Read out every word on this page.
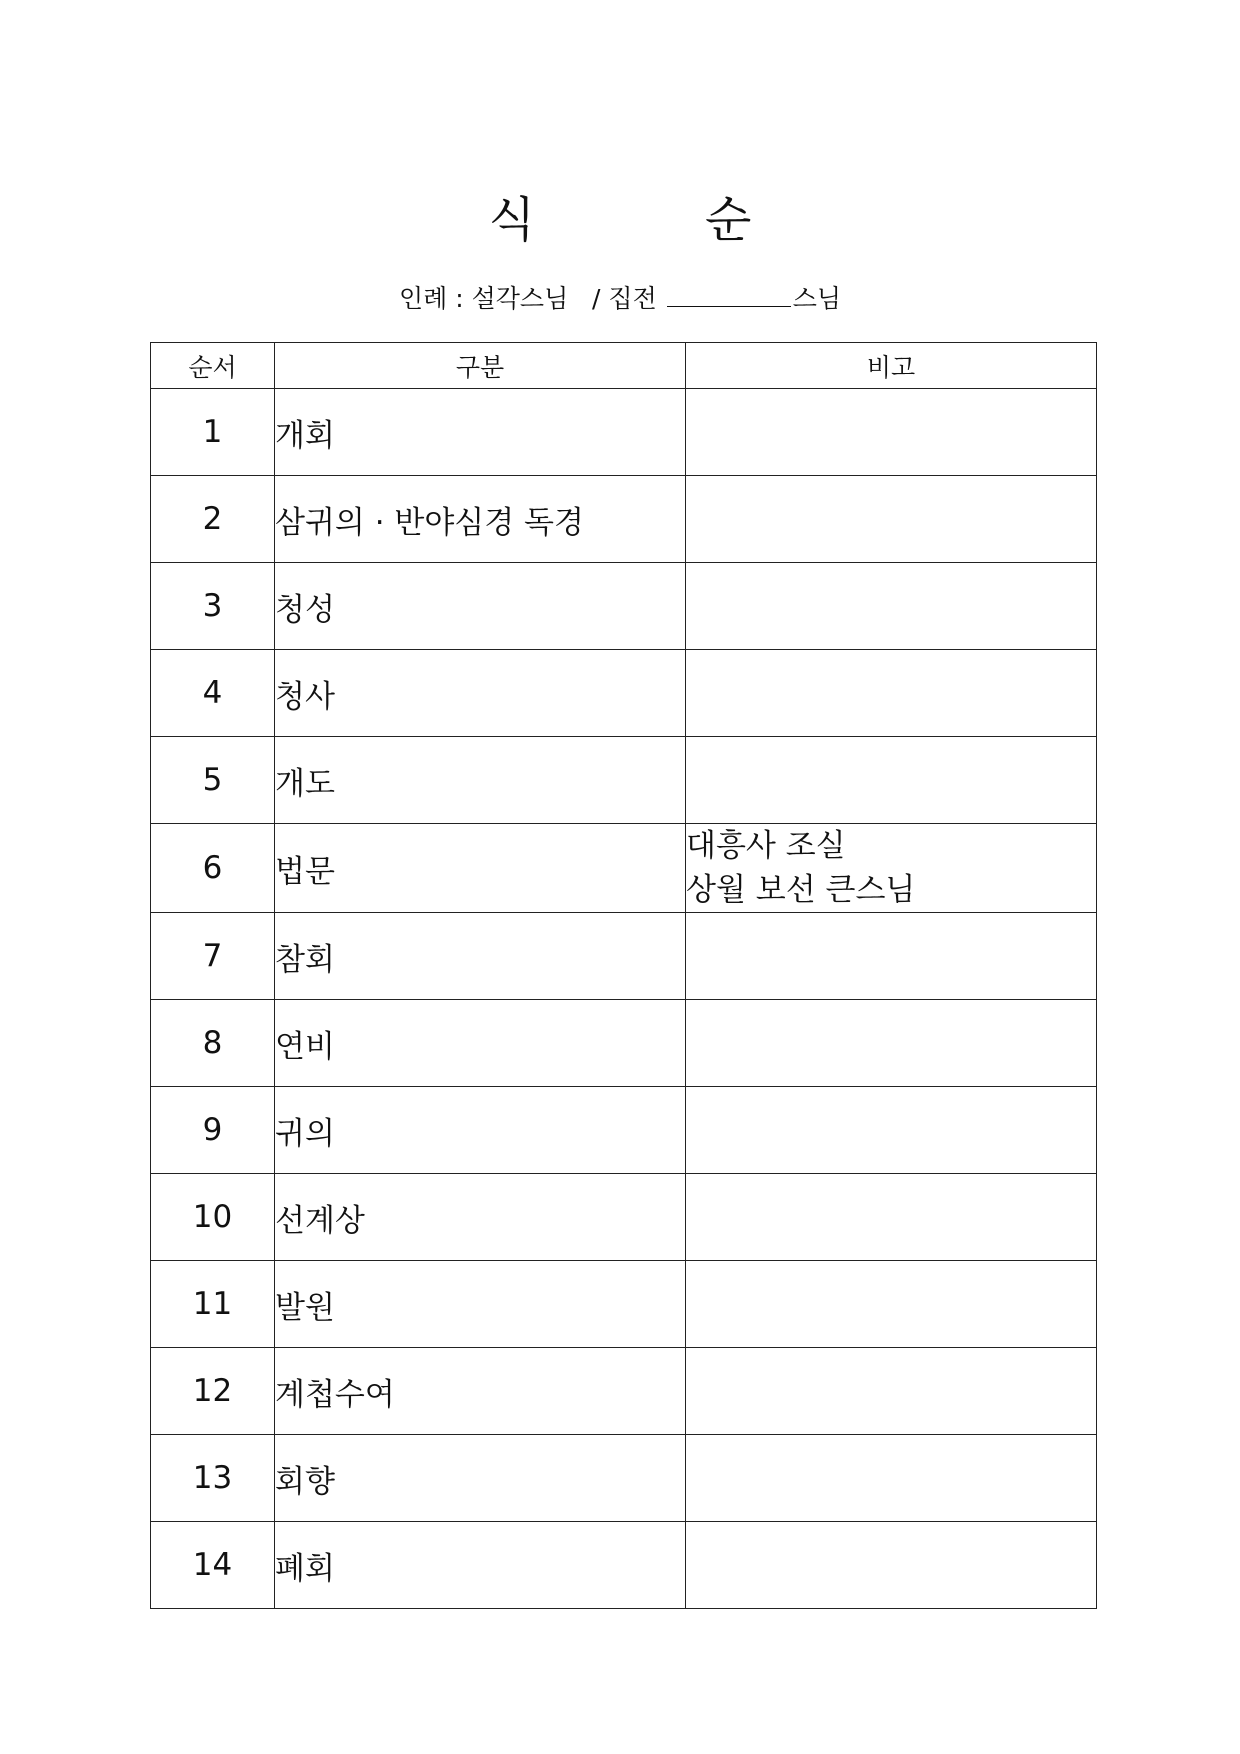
식	순
인례 : 설각스님   / 집전	스님
순서	구분	비고
1	개회	
2	삼귀의 · 반야심경 독경	
3	청성	
4	청사	
5	개도	
6	법문	대흥사 조실
상월 보선 큰스님
7	참회	
8	연비	
9	귀의	
10	선계상	
11	발원	
12	계첩수여	
13	회향	
14	폐회	
